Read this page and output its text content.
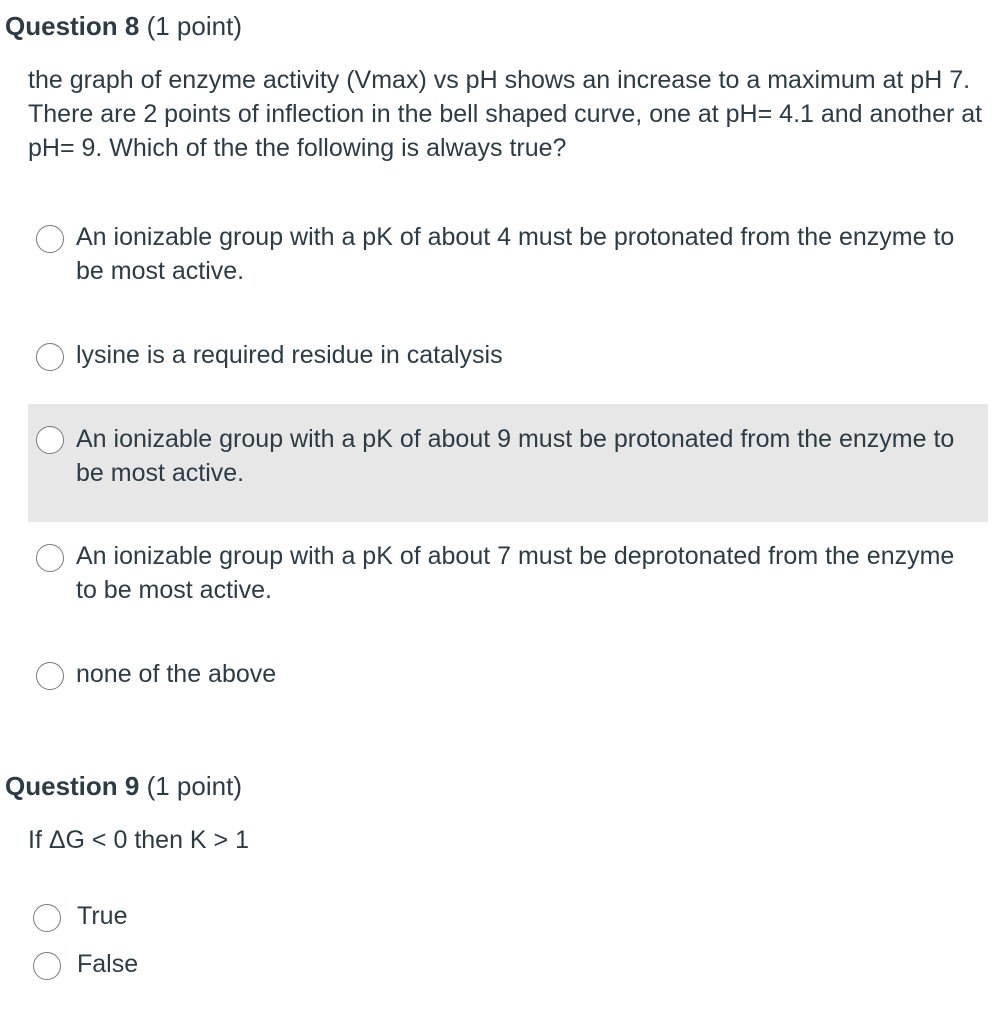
Question 8 (1 point)
the graph of enzyme activity (Vmax) vs pH shows an increase to a maximum at pH 7. There are 2 points of inflection in the bell shaped curve, one at pH= 4.1 and another at pH= 9. Which of the the following is always true?
An ionizable group with a pK of about 4 must be protonated from the enzyme to be most active.
lysine is a required residue in catalysis
An ionizable group with a pK of about 9 must be protonated from the enzyme to be most active.
An ionizable group with a pK of about 7 must be deprotonated from the enzyme to be most active.
none of the above
Question 9 (1 point)
If ΔG < 0 then K > 1
True
False
